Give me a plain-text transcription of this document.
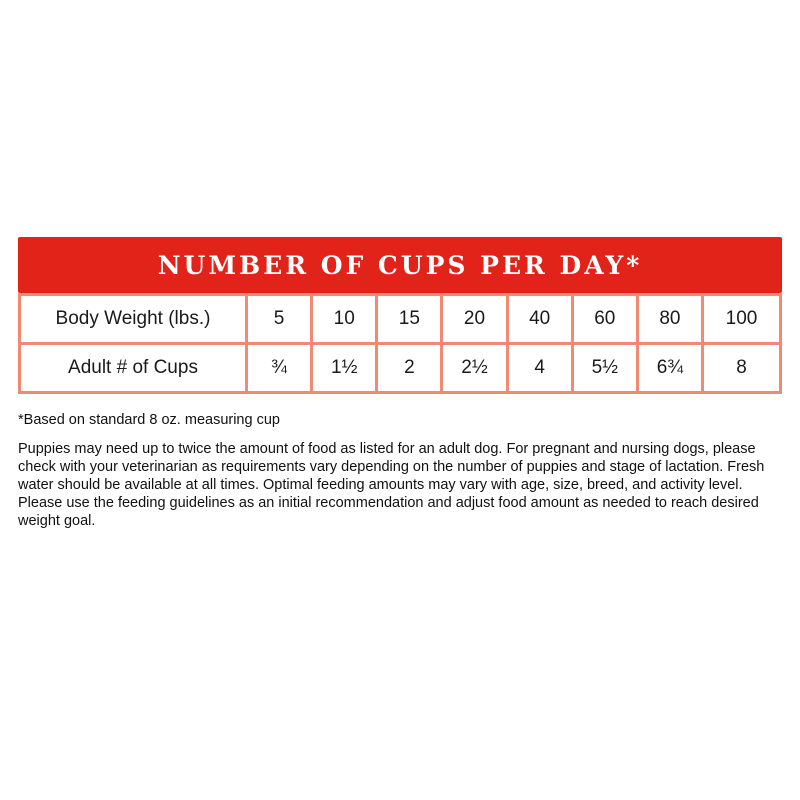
NUMBER OF CUPS PER DAY*
Body Weight (lbs.)	5	10	15	20	40	60	80	100
Adult # of Cups	¾	1½	2	2½	4	5½	6¾	8

*Based on standard 8 oz. measuring cup

Puppies may need up to twice the amount of food as listed for an adult dog. For pregnant and nursing dogs, please check with your veterinarian as requirements vary depending on the number of puppies and stage of lactation. Fresh water should be available at all times. Optimal feeding amounts may vary with age, size, breed, and activity level. Please use the feeding guidelines as an initial recommendation and adjust food amount as needed to reach desired weight goal.
